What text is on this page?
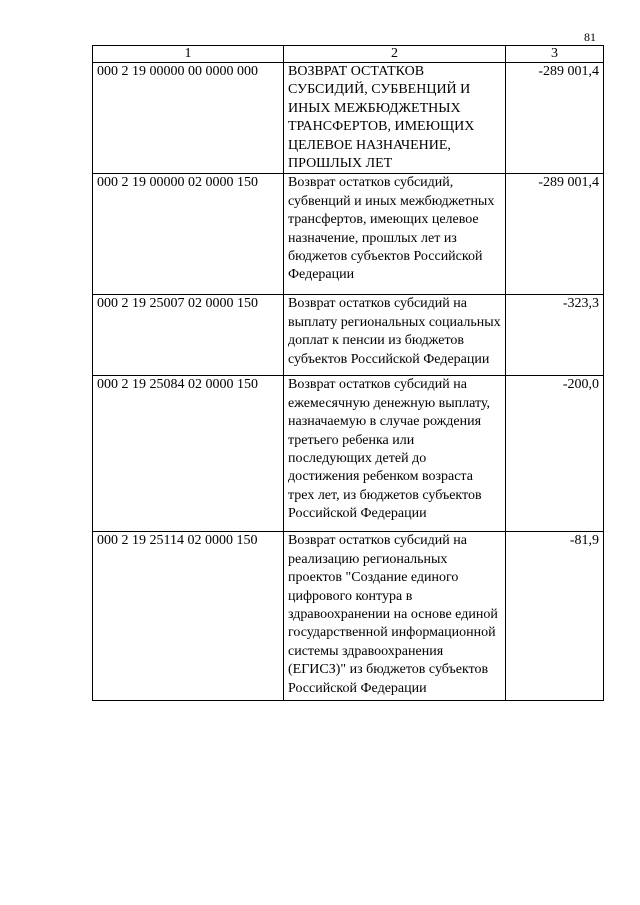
81
1	2	3
000 2 19 00000 00 0000 000	ВОЗВРАТ ОСТАТКОВ СУБСИДИЙ, СУБВЕНЦИЙ И ИНЫХ МЕЖБЮДЖЕТНЫХ ТРАНСФЕРТОВ, ИМЕЮЩИХ ЦЕЛЕВОЕ НАЗНАЧЕНИЕ, ПРОШЛЫХ ЛЕТ	-289 001,4
000 2 19 00000 02 0000 150	Возврат остатков субсидий, субвенций и иных межбюджетных трансфертов, имеющих целевое назначение, прошлых лет из бюджетов субъектов Российской Федерации	-289 001,4
000 2 19 25007 02 0000 150	Возврат остатков субсидий на выплату региональных социальных доплат к пенсии из бюджетов субъектов Российской Федерации	-323,3
000 2 19 25084 02 0000 150	Возврат остатков субсидий на ежемесячную денежную выплату, назначаемую в случае рождения третьего ребенка или последующих детей до достижения ребенком возраста трех лет, из бюджетов субъектов Российской Федерации	-200,0
000 2 19 25114 02 0000 150	Возврат остатков субсидий на реализацию региональных проектов "Создание единого цифрового контура в здравоохранении на основе единой государственной информационной системы здравоохранения (ЕГИСЗ)" из бюджетов субъектов Российской Федерации	-81,9
